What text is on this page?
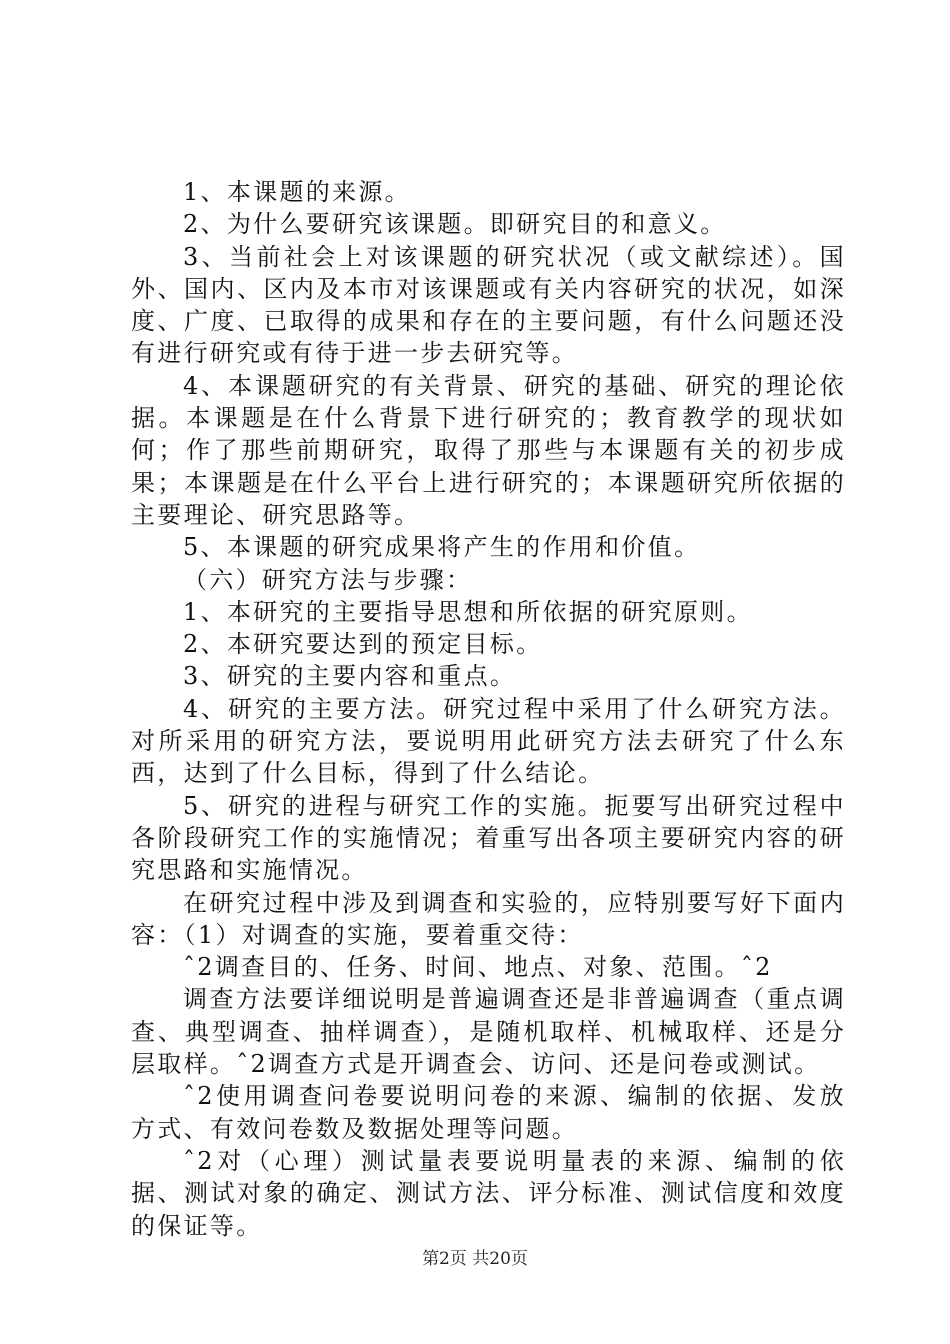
1、本课题的来源。

2、为什么要研究该课题。即研究目的和意义。

3、当前社会上对该课题的研究状况（或文献综述）。国外、国内、区内及本市对该课题或有关内容研究的状况，如深度、广度、已取得的成果和存在的主要问题，有什么问题还没有进行研究或有待于进一步去研究等。

4、本课题研究的有关背景、研究的基础、研究的理论依据。本课题是在什么背景下进行研究的；教育教学的现状如何；作了那些前期研究，取得了那些与本课题有关的初步成果；本课题是在什么平台上进行研究的；本课题研究所依据的主要理论、研究思路等。

5、本课题的研究成果将产生的作用和价值。

（六）研究方法与步骤：

1、本研究的主要指导思想和所依据的研究原则。

2、本研究要达到的预定目标。

3、研究的主要内容和重点。

4、研究的主要方法。研究过程中采用了什么研究方法。对所采用的研究方法，要说明用此研究方法去研究了什么东西，达到了什么目标，得到了什么结论。

5、研究的进程与研究工作的实施。扼要写出研究过程中各阶段研究工作的实施情况；着重写出各项主要研究内容的研究思路和实施情况。

在研究过程中涉及到调查和实验的，应特别要写好下面内容：（1）对调查的实施，要着重交待：

ˆ2调查目的、任务、时间、地点、对象、范围。ˆ2

调查方法要详细说明是普遍调查还是非普遍调查（重点调查、典型调查、抽样调查），是随机取样、机械取样、还是分层取样。ˆ2调查方式是开调查会、访问、还是问卷或测试。

ˆ2使用调查问卷要说明问卷的来源、编制的依据、发放方式、有效问卷数及数据处理等问题。

ˆ2对（心理）测试量表要说明量表的来源、编制的依据、测试对象的确定、测试方法、评分标准、测试信度和效度的保证等。

第2页 共20页
